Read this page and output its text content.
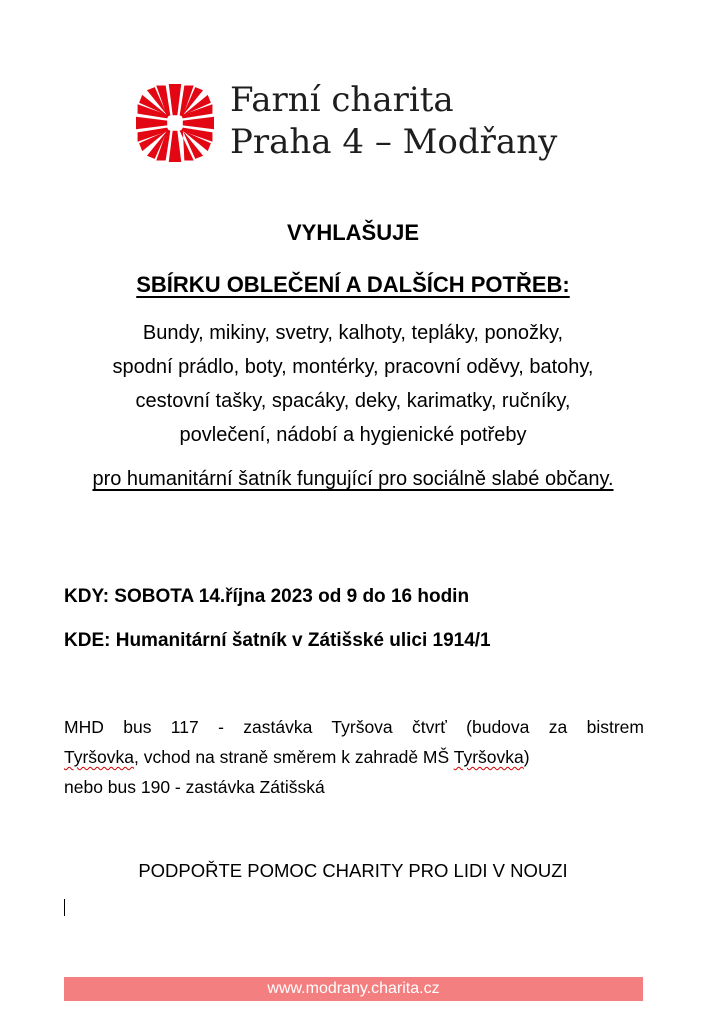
Farní charita
Praha 4 – Modřany
VYHLAŠUJE
SBÍRKU OBLEČENÍ A DALŠÍCH POTŘEB:
Bundy, mikiny, svetry, kalhoty, tepláky, ponožky,
spodní prádlo, boty, montérky, pracovní oděvy, batohy,
cestovní tašky, spacáky, deky, karimatky, ručníky,
povlečení, nádobí a hygienické potřeby
pro humanitární šatník fungující pro sociálně slabé občany.
KDY: SOBOTA 14.října 2023 od 9 do 16 hodin
KDE: Humanitární šatník v Zátišské ulici 1914/1
MHD bus 117 - zastávka Tyršova čtvrť (budova za bistrem
Tyršovka, vchod na straně směrem k zahradě MŠ Tyršovka)
nebo bus 190 - zastávka Zátišská
PODPOŘTE POMOC CHARITY PRO LIDI V NOUZI
www.modrany.charita.cz
